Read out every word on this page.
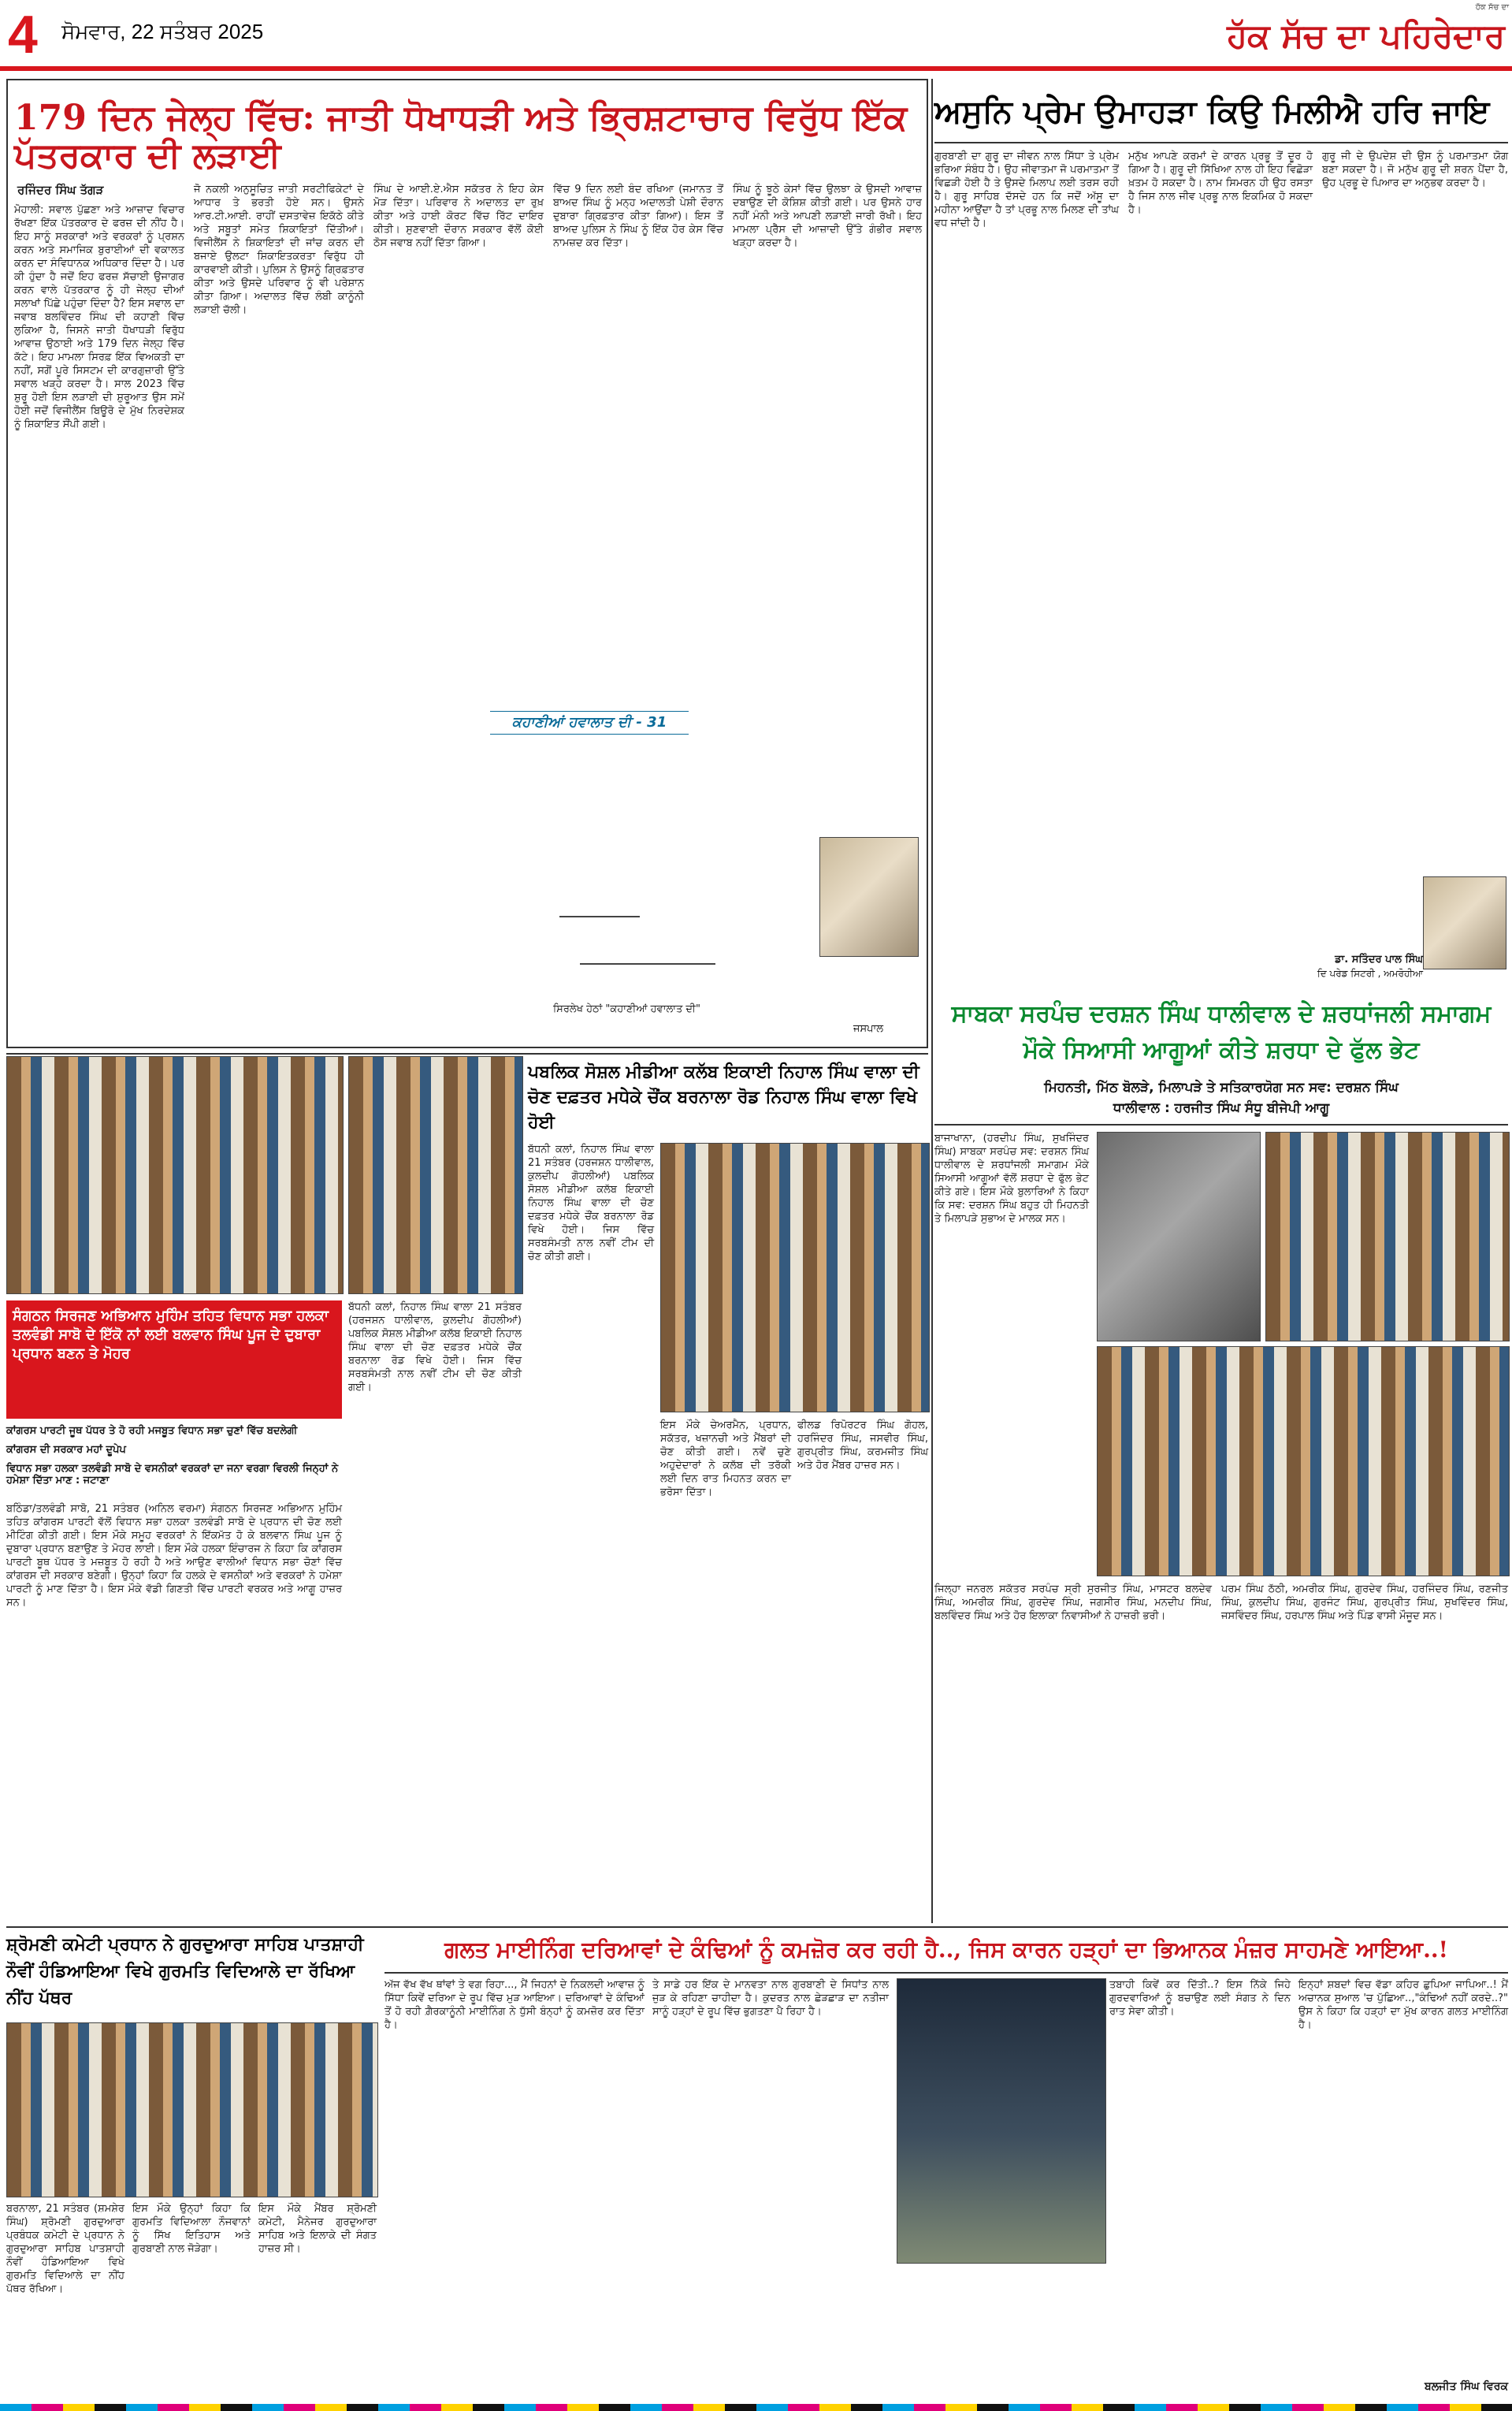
4	ਸੋਮਵਾਰ, 22 ਸਤੰਬਰ 2025
ਹੱਕ ਸੱਚ ਦਾ
ਹੱਕ ਸੱਚ ਦਾ ਪਹਿਰੇਦਾਰ
179 ਦਿਨ ਜੇਲ੍ਹ ਵਿੱਚ: ਜਾਤੀ ਧੋਖਾਧੜੀ ਅਤੇ ਭ੍ਰਿਸ਼ਟਾਚਾਰ ਵਿਰੁੱਧ ਇੱਕ ਪੱਤਰਕਾਰ ਦੀ ਲੜਾਈ
ਰਜਿੰਦਰ ਸਿੰਘ ਤੱਗੜ
ਮੋਹਾਲੀ: ਸਵਾਲ ਪੁੱਛਣਾ ਅਤੇ ਆਜ਼ਾਦ ਵਿਚਾਰ ਰੱਖਣਾ ਇੱਕ ਪੱਤਰਕਾਰ ਦੇ ਫਰਜ਼ ਦੀ ਨੀਂਹ ਹੈ। ਇਹ ਸਾਨੂੰ ਸਰਕਾਰਾਂ ਅਤੇ ਵਰਕਰਾਂ ਨੂੰ ਪ੍ਰਸ਼ਨ ਕਰਨ ਅਤੇ ਸਮਾਜਿਕ ਬੁਰਾਈਆਂ ਦੀ ਵਕਾਲਤ ਕਰਨ ਦਾ ਸੰਵਿਧਾਨਕ ਅਧਿਕਾਰ ਦਿੰਦਾ ਹੈ। ਪਰ ਕੀ ਹੁੰਦਾ ਹੈ ਜਦੋਂ ਇਹ ਫਰਜ਼ ਸੱਚਾਈ ਉਜਾਗਰ ਕਰਨ ਵਾਲੇ ਪੱਤਰਕਾਰ ਨੂੰ ਹੀ ਜੇਲ੍ਹ ਦੀਆਂ ਸਲਾਖਾਂ ਪਿੱਛੇ ਪਹੁੰਚਾ ਦਿੰਦਾ ਹੈ? ਇਸ ਸਵਾਲ ਦਾ ਜਵਾਬ ਬਲਵਿੰਦਰ ਸਿੰਘ ਦੀ ਕਹਾਣੀ ਵਿੱਚ ਲੁਕਿਆ ਹੈ, ਜਿਸਨੇ ਜਾਤੀ ਧੋਖਾਧੜੀ ਵਿਰੁੱਧ ਆਵਾਜ਼ ਉਠਾਈ ਅਤੇ 179 ਦਿਨ ਜੇਲ੍ਹ ਵਿੱਚ ਕੱਟੇ। ਇਹ ਮਾਮਲਾ ਸਿਰਫ਼ ਇੱਕ ਵਿਅਕਤੀ ਦਾ ਨਹੀਂ, ਸਗੋਂ ਪੂਰੇ ਸਿਸਟਮ ਦੀ ਕਾਰਗੁਜ਼ਾਰੀ ਉੱਤੇ ਸਵਾਲ ਖੜ੍ਹੇ ਕਰਦਾ ਹੈ। ਸਾਲ 2023 ਵਿੱਚ ਸ਼ੁਰੂ ਹੋਈ ਇਸ ਲੜਾਈ ਦੀ ਸ਼ੁਰੂਆਤ ਉਸ ਸਮੇਂ ਹੋਈ ਜਦੋਂ ਵਿਜੀਲੈਂਸ ਬਿਊਰੋ ਦੇ ਮੁੱਖ ਨਿਰਦੇਸ਼ਕ ਨੂੰ ਸ਼ਿਕਾਇਤ ਸੌਂਪੀ ਗਈ।
ਜੋ ਨਕਲੀ ਅਨੁਸੂਚਿਤ ਜਾਤੀ ਸਰਟੀਫਿਕੇਟਾਂ ਦੇ ਆਧਾਰ ਤੇ ਭਰਤੀ ਹੋਏ ਸਨ। ਉਸਨੇ ਆਰ.ਟੀ.ਆਈ. ਰਾਹੀਂ ਦਸਤਾਵੇਜ਼ ਇਕੱਠੇ ਕੀਤੇ ਅਤੇ ਸਬੂਤਾਂ ਸਮੇਤ ਸ਼ਿਕਾਇਤਾਂ ਦਿੱਤੀਆਂ। ਵਿਜੀਲੈਂਸ ਨੇ ਸ਼ਿਕਾਇਤਾਂ ਦੀ ਜਾਂਚ ਕਰਨ ਦੀ ਬਜਾਏ ਉਲਟਾ ਸ਼ਿਕਾਇਤਕਰਤਾ ਵਿਰੁੱਧ ਹੀ ਕਾਰਵਾਈ ਕੀਤੀ। ਪੁਲਿਸ ਨੇ ਉਸਨੂੰ ਗ੍ਰਿਫ਼ਤਾਰ ਕੀਤਾ ਅਤੇ ਉਸਦੇ ਪਰਿਵਾਰ ਨੂੰ ਵੀ ਪਰੇਸ਼ਾਨ ਕੀਤਾ ਗਿਆ। ਅਦਾਲਤ ਵਿੱਚ ਲੰਬੀ ਕਾਨੂੰਨੀ ਲੜਾਈ ਚੱਲੀ।
ਸਿੰਘ ਦੇ ਆਈ.ਏ.ਐਸ ਸਕੱਤਰ ਨੇ ਇਹ ਕੇਸ ਮੋੜ ਦਿੱਤਾ। ਪਰਿਵਾਰ ਨੇ ਅਦਾਲਤ ਦਾ ਰੁਖ਼ ਕੀਤਾ ਅਤੇ ਹਾਈ ਕੋਰਟ ਵਿੱਚ ਰਿੱਟ ਦਾਇਰ ਕੀਤੀ। ਸੁਣਵਾਈ ਦੌਰਾਨ ਸਰਕਾਰ ਵੱਲੋਂ ਕੋਈ ਠੋਸ ਜਵਾਬ ਨਹੀਂ ਦਿੱਤਾ ਗਿਆ।
ਕਹਾਣੀਆਂ ਹਵਾਲਾਤ ਦੀ - 31
ਵਿੱਚ 9 ਦਿਨ ਲਈ ਬੰਦ ਰਖਿਆ (ਜਮਾਨਤ ਤੋਂ ਬਾਅਦ ਸਿੰਘ ਨੂੰ ਮਨ੍ਹ ਅਦਾਲਤੀ ਪੇਸ਼ੀ ਦੌਰਾਨ ਦੁਬਾਰਾ ਗ੍ਰਿਫ਼ਤਾਰ ਕੀਤਾ ਗਿਆ)। ਇਸ ਤੋਂ ਬਾਅਦ ਪੁਲਿਸ ਨੇ ਸਿੰਘ ਨੂੰ ਇੱਕ ਹੋਰ ਕੇਸ ਵਿੱਚ ਨਾਮਜ਼ਦ ਕਰ ਦਿੱਤਾ।
ਸਿੰਘ ਨੂੰ ਝੂਠੇ ਕੇਸਾਂ ਵਿੱਚ ਉਲਝਾ ਕੇ ਉਸਦੀ ਆਵਾਜ਼ ਦਬਾਉਣ ਦੀ ਕੋਸ਼ਿਸ਼ ਕੀਤੀ ਗਈ। ਪਰ ਉਸਨੇ ਹਾਰ ਨਹੀਂ ਮੰਨੀ ਅਤੇ ਆਪਣੀ ਲੜਾਈ ਜਾਰੀ ਰੱਖੀ। ਇਹ ਮਾਮਲਾ ਪ੍ਰੈੱਸ ਦੀ ਆਜ਼ਾਦੀ ਉੱਤੇ ਗੰਭੀਰ ਸਵਾਲ ਖੜ੍ਹਾ ਕਰਦਾ ਹੈ।
ਸਿਰਲੇਖ ਹੇਠਾਂ "ਕਹਾਣੀਆਂ ਹਵਾਲਾਤ ਦੀ"
ਜਸਪਾਲ
ਅਸੁਨਿ ਪ੍ਰੇਮ ਉਮਾਹੜਾ ਕਿਉ ਮਿਲੀਐ ਹਰਿ ਜਾਇ
ਗੁਰਬਾਣੀ ਦਾ ਗੁਰੂ ਦਾ ਜੀਵਨ ਨਾਲ ਸਿੱਧਾ ਤੇ ਪ੍ਰੇਮ ਭਰਿਆ ਸੰਬੰਧ ਹੈ। ਉਹ ਜੀਵਾਤਮਾ ਜੋ ਪਰਮਾਤਮਾ ਤੋਂ ਵਿਛੜੀ ਹੋਈ ਹੈ ਤੇ ਉਸਦੇ ਮਿਲਾਪ ਲਈ ਤਰਸ ਰਹੀ ਹੈ। ਗੁਰੂ ਸਾਹਿਬ ਦੱਸਦੇ ਹਨ ਕਿ ਜਦੋਂ ਅੱਸੂ ਦਾ ਮਹੀਨਾ ਆਉਂਦਾ ਹੈ ਤਾਂ ਪ੍ਰਭੂ ਨਾਲ ਮਿਲਣ ਦੀ ਤਾਂਘ ਵਧ ਜਾਂਦੀ ਹੈ।
ਮਨੁੱਖ ਆਪਣੇ ਕਰਮਾਂ ਦੇ ਕਾਰਨ ਪ੍ਰਭੂ ਤੋਂ ਦੂਰ ਹੋ ਗਿਆ ਹੈ। ਗੁਰੂ ਦੀ ਸਿੱਖਿਆ ਨਾਲ ਹੀ ਇਹ ਵਿਛੋੜਾ ਖ਼ਤਮ ਹੋ ਸਕਦਾ ਹੈ। ਨਾਮ ਸਿਮਰਨ ਹੀ ਉਹ ਰਸਤਾ ਹੈ ਜਿਸ ਨਾਲ ਜੀਵ ਪ੍ਰਭੂ ਨਾਲ ਇਕਮਿਕ ਹੋ ਸਕਦਾ ਹੈ।
ਗੁਰੂ ਜੀ ਦੇ ਉਪਦੇਸ਼ ਦੀ ਉਸ ਨੂੰ ਪਰਮਾਤਮਾ ਯੋਗ ਬਣਾ ਸਕਦਾ ਹੈ। ਜੋ ਮਨੁੱਖ ਗੁਰੂ ਦੀ ਸ਼ਰਨ ਪੈਂਦਾ ਹੈ, ਉਹ ਪ੍ਰਭੂ ਦੇ ਪਿਆਰ ਦਾ ਅਨੁਭਵ ਕਰਦਾ ਹੈ।
ਡਾ. ਸਤਿੰਦਰ ਪਾਲ ਸਿੰਘ
ਦਿ ਪਰੇਡ ਸਿਟਰੀ , ਅਮਰੋਹੀਆ
ਸਾਬਕਾ ਸਰਪੰਚ ਦਰਸ਼ਨ ਸਿੰਘ ਧਾਲੀਵਾਲ ਦੇ ਸ਼ਰਧਾਂਜਲੀ ਸਮਾਗਮ ਮੌਕੇ ਸਿਆਸੀ ਆਗੂਆਂ ਕੀਤੇ ਸ਼ਰਧਾ ਦੇ ਫੁੱਲ ਭੇਟ
ਮਿਹਨਤੀ, ਮਿੱਠ ਬੋਲੜੇ, ਮਿਲਾਪੜੇ ਤੇ ਸਤਿਕਾਰਯੋਗ ਸਨ ਸਵ: ਦਰਸ਼ਨ ਸਿੰਘ
ਧਾਲੀਵਾਲ : ਹਰਜੀਤ ਸਿੰਘ ਸੰਧੂ ਬੀਜੇਪੀ ਆਗੂ
ਬਾਜਾਖਾਨਾ, (ਹਰਦੀਪ ਸਿੰਘ, ਸੁਖਜਿੰਦਰ ਸਿੰਘ) ਸਾਬਕਾ ਸਰਪੰਚ ਸਵ: ਦਰਸ਼ਨ ਸਿੰਘ ਧਾਲੀਵਾਲ ਦੇ ਸ਼ਰਧਾਂਜਲੀ ਸਮਾਗਮ ਮੌਕੇ ਸਿਆਸੀ ਆਗੂਆਂ ਵੱਲੋਂ ਸ਼ਰਧਾ ਦੇ ਫੁੱਲ ਭੇਟ ਕੀਤੇ ਗਏ। ਇਸ ਮੌਕੇ ਬੁਲਾਰਿਆਂ ਨੇ ਕਿਹਾ ਕਿ ਸਵ: ਦਰਸ਼ਨ ਸਿੰਘ ਬਹੁਤ ਹੀ ਮਿਹਨਤੀ ਤੇ ਮਿਲਾਪੜੇ ਸੁਭਾਅ ਦੇ ਮਾਲਕ ਸਨ।
ਜਿਲ੍ਹਾ ਜਨਰਲ ਸਕੱਤਰ ਸਰਪੰਚ ਸ੍ਰੀ ਸੁਰਜੀਤ ਸਿੰਘ, ਮਾਸਟਰ ਬਲਦੇਵ ਸਿੰਘ, ਅਮਰੀਕ ਸਿੰਘ, ਗੁਰਦੇਵ ਸਿੰਘ, ਜਗਸੀਰ ਸਿੰਘ, ਮਨਦੀਪ ਸਿੰਘ, ਬਲਵਿੰਦਰ ਸਿੰਘ ਅਤੇ ਹੋਰ ਇਲਾਕਾ ਨਿਵਾਸੀਆਂ ਨੇ ਹਾਜ਼ਰੀ ਭਰੀ।
ਪਰਮ ਸਿੰਘ ਠੱਠੀ, ਅਮਰੀਕ ਸਿੰਘ, ਗੁਰਦੇਵ ਸਿੰਘ, ਹਰਜਿੰਦਰ ਸਿੰਘ, ਰਣਜੀਤ ਸਿੰਘ, ਕੁਲਦੀਪ ਸਿੰਘ, ਗੁਰਜੰਟ ਸਿੰਘ, ਗੁਰਪ੍ਰੀਤ ਸਿੰਘ, ਸੁਖਵਿੰਦਰ ਸਿੰਘ, ਜਸਵਿੰਦਰ ਸਿੰਘ, ਹਰਪਾਲ ਸਿੰਘ ਅਤੇ ਪਿੰਡ ਵਾਸੀ ਮੌਜੂਦ ਸਨ।
ਸੰਗਠਨ ਸਿਰਜਣ ਅਭਿਆਨ ਮੁਹਿੰਮ ਤਹਿਤ ਵਿਧਾਨ ਸਭਾ ਹਲਕਾ ਤਲਵੰਡੀ ਸਾਬੋ ਦੇ ਇੱਕੋ ਨਾਂ ਲਈ ਬਲਵਾਨ ਸਿੰਘ ਪੂਜ ਦੇ ਦੁਬਾਰਾ ਪ੍ਰਧਾਨ ਬਣਨ ਤੇ ਮੋਹਰ
ਕਾਂਗਰਸ ਪਾਰਟੀ ਜੂਥ ਪੱਧਰ ਤੇ ਹੋ ਰਹੀ ਮਜਬੂਤ ਵਿਧਾਨ ਸਭਾ ਚੁਣਾਂ ਵਿੱਚ ਬਦਲੇਗੀ
ਕਾਂਗਰਸ ਦੀ ਸਰਕਾਰ ਮਹਾਂ ਦੂਪੇਪ
ਵਿਧਾਨ ਸਭਾ ਹਲਕਾ ਤਲਵੰਡੀ ਸਾਬੋ ਦੇ ਵਸਨੀਕਾਂ ਵਰਕਰਾਂ ਦਾ ਜਨਾ ਵਰਗਾ ਵਿਰਲੀ ਜਿਨ੍ਹਾਂ ਨੇ ਹਮੇਸ਼ਾ ਦਿੱਤਾ ਮਾਣ : ਜਟਾਣਾ
ਬਠਿੰਡਾ/ਤਲਵੰਡੀ ਸਾਬੋ, 21 ਸਤੰਬਰ (ਅਨਿਲ ਵਰਮਾ) ਸੰਗਠਨ ਸਿਰਜਣ ਅਭਿਆਨ ਮੁਹਿੰਮ ਤਹਿਤ ਕਾਂਗਰਸ ਪਾਰਟੀ ਵੱਲੋਂ ਵਿਧਾਨ ਸਭਾ ਹਲਕਾ ਤਲਵੰਡੀ ਸਾਬੋ ਦੇ ਪ੍ਰਧਾਨ ਦੀ ਚੋਣ ਲਈ ਮੀਟਿੰਗ ਕੀਤੀ ਗਈ। ਇਸ ਮੌਕੇ ਸਮੂਹ ਵਰਕਰਾਂ ਨੇ ਇੱਕਮੱਤ ਹੋ ਕੇ ਬਲਵਾਨ ਸਿੰਘ ਪੂਜ ਨੂੰ ਦੁਬਾਰਾ ਪ੍ਰਧਾਨ ਬਣਾਉਣ ਤੇ ਮੋਹਰ ਲਾਈ। ਇਸ ਮੌਕੇ ਹਲਕਾ ਇੰਚਾਰਜ ਨੇ ਕਿਹਾ ਕਿ ਕਾਂਗਰਸ ਪਾਰਟੀ ਬੂਥ ਪੱਧਰ ਤੇ ਮਜ਼ਬੂਤ ਹੋ ਰਹੀ ਹੈ ਅਤੇ ਆਉਣ ਵਾਲੀਆਂ ਵਿਧਾਨ ਸਭਾ ਚੋਣਾਂ ਵਿੱਚ ਕਾਂਗਰਸ ਦੀ ਸਰਕਾਰ ਬਣੇਗੀ। ਉਨ੍ਹਾਂ ਕਿਹਾ ਕਿ ਹਲਕੇ ਦੇ ਵਸਨੀਕਾਂ ਅਤੇ ਵਰਕਰਾਂ ਨੇ ਹਮੇਸ਼ਾ ਪਾਰਟੀ ਨੂੰ ਮਾਣ ਦਿੱਤਾ ਹੈ। ਇਸ ਮੌਕੇ ਵੱਡੀ ਗਿਣਤੀ ਵਿੱਚ ਪਾਰਟੀ ਵਰਕਰ ਅਤੇ ਆਗੂ ਹਾਜ਼ਰ ਸਨ।
ਪਬਲਿਕ ਸੋਸ਼ਲ ਮੀਡੀਆ ਕਲੱਬ ਇਕਾਈ ਨਿਹਾਲ ਸਿੰਘ ਵਾਲਾ ਦੀ ਚੋਣ ਦਫ਼ਤਰ ਮਧੇਕੇ ਚੌਂਕ ਬਰਨਾਲਾ ਰੋਡ ਨਿਹਾਲ ਸਿੰਘ ਵਾਲਾ ਵਿਖੇ ਹੋਈ
ਬੱਧਨੀ ਕਲਾਂ, ਨਿਹਾਲ ਸਿੰਘ ਵਾਲਾ 21 ਸਤੰਬਰ (ਹਰਜਸ਼ਨ ਧਾਲੀਵਾਲ, ਕੁਲਦੀਪ ਗੋਹਲੀਆਂ) ਪਬਲਿਕ ਸੋਸ਼ਲ ਮੀਡੀਆ ਕਲੱਬ ਇਕਾਈ ਨਿਹਾਲ ਸਿੰਘ ਵਾਲਾ ਦੀ ਚੋਣ ਦਫ਼ਤਰ ਮਧੇਕੇ ਚੌਂਕ ਬਰਨਾਲਾ ਰੋਡ ਵਿਖੇ ਹੋਈ। ਜਿਸ ਵਿੱਚ ਸਰਬਸੰਮਤੀ ਨਾਲ ਨਵੀਂ ਟੀਮ ਦੀ ਚੋਣ ਕੀਤੀ ਗਈ।
ਇਸ ਮੌਕੇ ਚੇਅਰਮੈਨ, ਪ੍ਰਧਾਨ, ਸਕੱਤਰ, ਖਜ਼ਾਨਚੀ ਅਤੇ ਮੈਂਬਰਾਂ ਦੀ ਚੋਣ ਕੀਤੀ ਗਈ। ਨਵੇਂ ਚੁਣੇ ਅਹੁਦੇਦਾਰਾਂ ਨੇ ਕਲੱਬ ਦੀ ਤਰੱਕੀ ਲਈ ਦਿਨ ਰਾਤ ਮਿਹਨਤ ਕਰਨ ਦਾ ਭਰੋਸਾ ਦਿੱਤਾ।
ਫੀਲਡ ਰਿਪੋਰਟਰ ਸਿੰਘ ਗੋਹਲ, ਹਰਜਿੰਦਰ ਸਿੰਘ, ਜਸਵੀਰ ਸਿੰਘ, ਗੁਰਪ੍ਰੀਤ ਸਿੰਘ, ਕਰਮਜੀਤ ਸਿੰਘ ਅਤੇ ਹੋਰ ਮੈਂਬਰ ਹਾਜ਼ਰ ਸਨ।
ਬੱਧਨੀ ਕਲਾਂ, ਨਿਹਾਲ ਸਿੰਘ ਵਾਲਾ 21 ਸਤੰਬਰ (ਹਰਜਸ਼ਨ ਧਾਲੀਵਾਲ, ਕੁਲਦੀਪ ਗੋਹਲੀਆਂ) ਪਬਲਿਕ ਸੋਸ਼ਲ ਮੀਡੀਆ ਕਲੱਬ ਇਕਾਈ ਨਿਹਾਲ ਸਿੰਘ ਵਾਲਾ ਦੀ ਚੋਣ ਦਫ਼ਤਰ ਮਧੇਕੇ ਚੌਂਕ ਬਰਨਾਲਾ ਰੋਡ ਵਿਖੇ ਹੋਈ। ਜਿਸ ਵਿੱਚ ਸਰਬਸੰਮਤੀ ਨਾਲ ਨਵੀਂ ਟੀਮ ਦੀ ਚੋਣ ਕੀਤੀ ਗਈ।
ਸ਼੍ਰੋਮਣੀ ਕਮੇਟੀ ਪ੍ਰਧਾਨ ਨੇ ਗੁਰਦੁਆਰਾ ਸਾਹਿਬ ਪਾਤਸ਼ਾਹੀ ਨੌਵੀਂ ਹੰਡਿਆਇਆ ਵਿਖੇ ਗੁਰਮਤਿ ਵਿਦਿਆਲੇ ਦਾ ਰੱਖਿਆ ਨੀਂਹ ਪੱਥਰ
ਬਰਨਾਲਾ, 21 ਸਤੰਬਰ (ਸ਼ਮਸ਼ੇਰ ਸਿੰਘ) ਸ਼੍ਰੋਮਣੀ ਗੁਰਦੁਆਰਾ ਪ੍ਰਬੰਧਕ ਕਮੇਟੀ ਦੇ ਪ੍ਰਧਾਨ ਨੇ ਗੁਰਦੁਆਰਾ ਸਾਹਿਬ ਪਾਤਸ਼ਾਹੀ ਨੌਵੀਂ ਹੰਡਿਆਇਆ ਵਿਖੇ ਗੁਰਮਤਿ ਵਿਦਿਆਲੇ ਦਾ ਨੀਂਹ ਪੱਥਰ ਰੱਖਿਆ।
ਇਸ ਮੌਕੇ ਉਨ੍ਹਾਂ ਕਿਹਾ ਕਿ ਗੁਰਮਤਿ ਵਿਦਿਆਲਾ ਨੌਜਵਾਨਾਂ ਨੂੰ ਸਿੱਖ ਇਤਿਹਾਸ ਅਤੇ ਗੁਰਬਾਣੀ ਨਾਲ ਜੋੜੇਗਾ।
ਇਸ ਮੌਕੇ ਮੈਂਬਰ ਸ਼੍ਰੋਮਣੀ ਕਮੇਟੀ, ਮੈਨੇਜਰ ਗੁਰਦੁਆਰਾ ਸਾਹਿਬ ਅਤੇ ਇਲਾਕੇ ਦੀ ਸੰਗਤ ਹਾਜ਼ਰ ਸੀ।
ਗਲਤ ਮਾਈਨਿੰਗ ਦਰਿਆਵਾਂ ਦੇ ਕੰਢਿਆਂ ਨੂੰ ਕਮਜ਼ੋਰ ਕਰ ਰਹੀ ਹੈ.., ਜਿਸ ਕਾਰਨ ਹੜ੍ਹਾਂ ਦਾ ਭਿਆਨਕ ਮੰਜ਼ਰ ਸਾਹਮਣੇ ਆਇਆ..!
ਅੱਜ ਵੱਖ ਵੱਖ ਥਾਂਵਾਂ ਤੇ ਵਗ ਰਿਹਾ..., ਮੈਂ ਜਿਹਨਾਂ ਦੇ ਨਿਕਲਦੀ ਆਵਾਜ਼ ਨੂੰ ਸਿੱਧਾ ਕਿਵੇਂ ਦਰਿਆ ਦੇ ਰੂਪ ਵਿੱਚ ਮੁੜ ਆਇਆ। ਦਰਿਆਵਾਂ ਦੇ ਕੰਢਿਆਂ ਤੋਂ ਹੋ ਰਹੀ ਗ਼ੈਰਕਾਨੂੰਨੀ ਮਾਈਨਿੰਗ ਨੇ ਧੁੱਸੀ ਬੰਨ੍ਹਾਂ ਨੂੰ ਕਮਜ਼ੋਰ ਕਰ ਦਿੱਤਾ ਹੈ।
ਤੇ ਸਾਡੇ ਹਰ ਇੱਕ ਦੇ ਮਾਨਵਤਾ ਨਾਲ ਗੁਰਬਾਣੀ ਦੇ ਸਿਧਾਂਤ ਨਾਲ ਜੁੜ ਕੇ ਰਹਿਣਾ ਚਾਹੀਦਾ ਹੈ। ਕੁਦਰਤ ਨਾਲ ਛੇੜਛਾੜ ਦਾ ਨਤੀਜਾ ਸਾਨੂੰ ਹੜ੍ਹਾਂ ਦੇ ਰੂਪ ਵਿੱਚ ਭੁਗਤਣਾ ਪੈ ਰਿਹਾ ਹੈ।
ਤਬਾਹੀ ਕਿਵੇਂ ਕਰ ਦਿੱਤੀ..? ਇਸ ਨਿੱਕੇ ਜਿਹੇ ਗੁਰਦਵਾਰਿਆਂ ਨੂੰ ਬਚਾਉਣ ਲਈ ਸੰਗਤ ਨੇ ਦਿਨ ਰਾਤ ਸੇਵਾ ਕੀਤੀ।
ਇਨ੍ਹਾਂ ਸ਼ਬਦਾਂ ਵਿਚ ਵੱਡਾ ਕਹਿਰ ਛੁਪਿਆ ਜਾਪਿਆ..! ਮੈਂ ਅਚਾਨਕ ਸੁਆਲ 'ਚ ਪੁੱਛਿਆ..,"ਕੰਢਿਆਂ ਨਹੀਂ ਕਰਦੇ..?" ਉਸ ਨੇ ਕਿਹਾ ਕਿ ਹੜ੍ਹਾਂ ਦਾ ਮੁੱਖ ਕਾਰਨ ਗਲਤ ਮਾਈਨਿੰਗ ਹੈ।
ਬਲਜੀਤ ਸਿੰਘ ਵਿਰਕ
